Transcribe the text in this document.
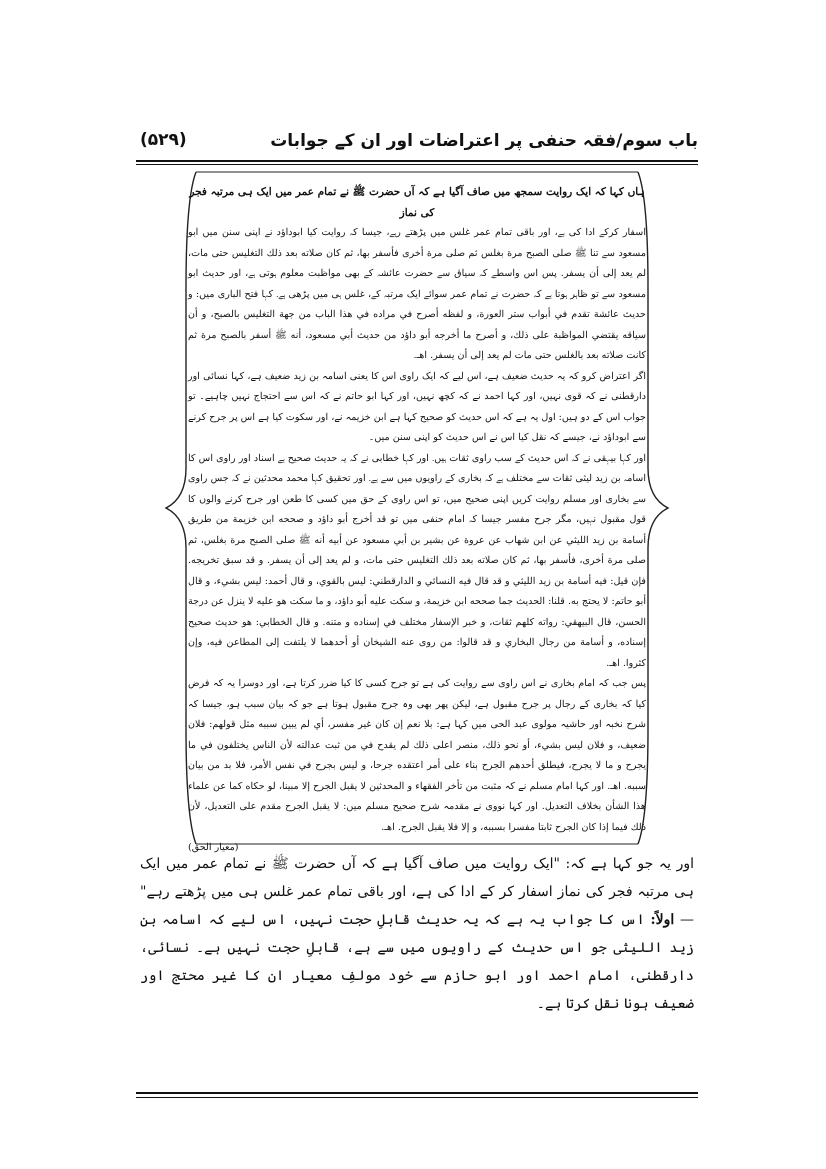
باب سوم/فقہ حنفی پر اعتراضات اور ان کے جوابات
(۵۲۹)

ہاں کہا کہ ایک روایت سمجھ میں صاف آگیا ہے کہ آں حضرت ﷺ نے تمام عمر میں ایک ہی مرتبہ فجر کی نماز

اسفار کرکے ادا کی ہے، اور باقی تمام عمر غلس میں پڑھتے رہے، جیسا کہ روایت کیا ابوداؤد نے اپنی سنن میں ابو مسعود سے تنا ﷺ صلى الصبح مرة بغلس ثم صلى مرة أخرى فأسفر بها، ثم كان صلاته بعد ذلك التغليس حتى مات، لم يعد إلى أن يسفر. پس اس واسطے کہ سیاق سے حضرت عائشہ کے بھی مواظبت معلوم ہوتی ہے، اور حدیث ابو مسعود سے تو ظاہر ہوتا ہے کہ حضرت نے تمام عمر سوائے ایک مرتبہ کے، غلس ہی میں پڑھی ہے۔ کہا فتح الباری میں: و حديث عائشة تقدم في أبواب ستر العورة، و لفظه أصرح في مراده في هذا الباب من جهة التغليس بالصبح، و أن سياقه يقتضي المواظبة على ذلك، و أصرح ما أخرجه أبو داؤد من حديث أبي مسعود، أنه ﷺ أسفر بالصبح مرة ثم كانت صلاته بعد بالغلس حتى مات لم يعد إلى أن يسفر. اهـ.

اگر اعتراض کرو کہ یہ حدیث ضعیف ہے، اس لیے کہ ایک راوی اس کا یعنی اسامہ بن زید ضعیف ہے، کہا نسائی اور دارقطنی نے کہ قوی نہیں، اور کہا احمد نے کہ کچھ نہیں، اور کہا ابو حاتم نے کہ اس سے احتجاج نہیں چاہیے۔ تو جواب اس کے دو ہیں: اول یہ ہے کہ اس حدیث کو صحیح کہا ہے ابن خزیمہ نے، اور سکوت کیا ہے اس پر جرح کرنے سے ابوداؤد نے، جیسے کہ نقل کیا اس نے اس حدیث کو اپنی سنن میں۔

اور کہا بیہقی نے کہ اس حدیث کے سب راوی ثقات ہیں۔ اور کہا خطابی نے کہ یہ حدیث صحیح ہے اسناد اور راوی اس کا اسامہ بن زید لیثی ثقات سے مختلف ہے کہ بخاری کے راویوں میں سے ہے۔ اور تحقیق کہا محمد محدثین نے کہ جس راوی سے بخاری اور مسلم روایت کریں اپنی صحیح میں، تو اس راوی کے حق میں کسی کا طعن اور جرح کرنے والوں کا قول مقبول نہیں، مگر جرح مفسر جیسا کہ امام حنفی میں تو قد أخرج أبو داؤد و صححه ابن خزيمة من طريق أسامة بن زيد الليثي عن ابن شهاب عن عروة عن بشير بن أبي مسعود عن أبيه أنه ﷺ صلى الصبح مرة بغلس، ثم صلى مرة أخرى، فأسفر بها، ثم كان صلاته بعد ذلك التغليس حتى مات، و لم يعد إلى أن يسفر. و قد سبق تخريجه. فإن قيل: فيه أسامة بن زيد الليثي و قد قال فيه النسائي و الدارقطني: ليس بالقوي، و قال أحمد: ليس بشيء، و قال أبو حاتم: لا يحتج به. قلنا: الحديث جما صححه ابن خزيمة، و سكت عليه أبو داؤد، و ما سكت هو عليه لا ينزل عن درجة الحسن، قال البيهقي: رواته كلهم ثقات، و خبر الإسفار مختلف في إسناده و متنه. و قال الخطابي: هو حديث صحيح إسناده، و أسامة من رجال البخاري و قد قالوا: من روى عنه الشيخان أو أحدهما لا يلتفت إلى المطاعن فيه، وإن كثروا. اهـ.

پس جب کہ امام بخاری نے اس راوی سے روایت کی ہے تو جرح کسی کا کیا ضرر کرتا ہے، اور دوسرا یہ کہ فرض کیا کہ بخاری کے رجال پر جرح مقبول ہے، لیکن پھر بھی وہ جرح مقبول ہوتا ہے جو کہ بیان سبب ہو، جیسا کہ شرح نخبہ اور حاشیہ مولوی عبد الحی میں کہا ہے: بلا نعم إن كان غير مفسر، أي لم يبين سببه مثل قولهم: فلان ضعيف، و فلان ليس بشيء، أو نحو ذلك، منصر اعلى ذلك لم يقدح في من ثبت عدالته لأن الناس يختلفون في ما يجرح و ما لا يجرح، فيطلق أحدهم الجرح بناء على أمر اعتقده جرحا، و ليس بجرح في نفس الأمر، فلا بد من بيان سببه. اهـ. اور کہا امام مسلم نے کہ مثبت من تأخر الفقهاء و المحدثين لا يقبل الجرح إلا مبينا، لو حكاه كما عن علماء هذا الشأن بخلاف التعديل. اور کہا نووی نے مقدمہ شرح صحیح مسلم میں: لا يقبل الجرح مقدم على التعديل، لأن ذلك فيما إذا كان الجرح ثابتا مفسرا بسببه، و إلا فلا يقبل الجرح. اهـ.

(معیار الحق)

اور یہ جو کہا ہے کہ: "ایک روایت میں صاف آگیا ہے کہ آں حضرت ﷺ نے تمام عمر میں ایک ہی مرتبہ فجر کی نماز اسفار کر کے ادا کی ہے، اور باقی تمام عمر غلس ہی میں پڑھتے رہے" — اولاً: اس کا جواب یہ ہے کہ یہ حدیث قابلِ حجت نہیں، اس لیے کہ اسامہ بن زید اللیثی جو اس حدیث کے راویوں میں سے ہے، قابلِ حجت نہیں ہے۔ نسائی، دارقطنی، امام احمد اور ابو حازم سے خود مولفِ معیار ان کا غیر محتج اور ضعیف ہونا نقل کرتا ہے۔
